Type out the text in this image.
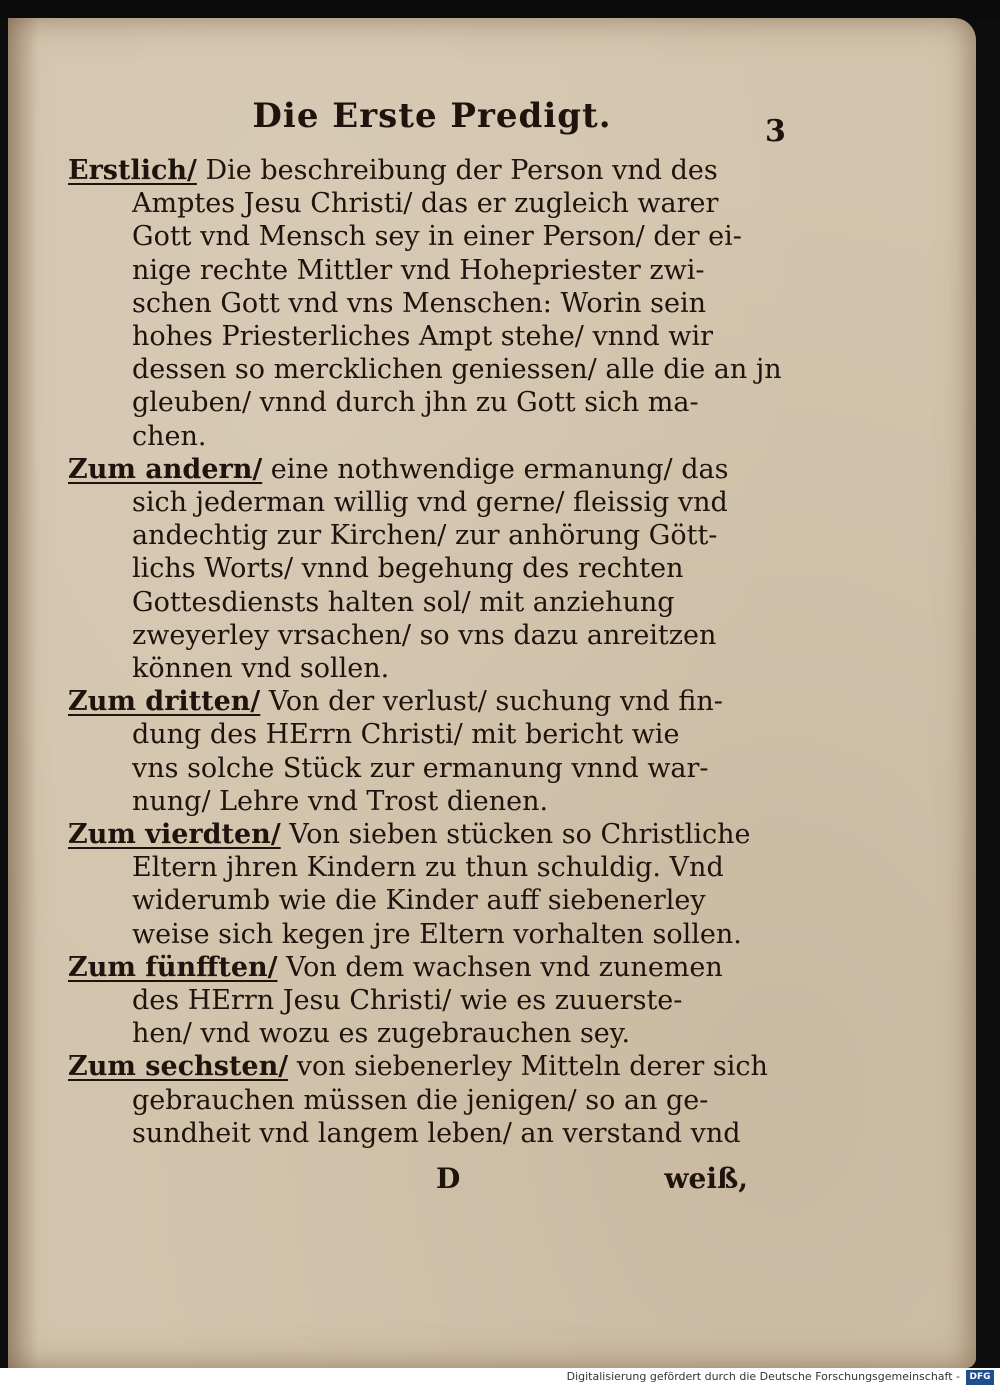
Die Erste Predigt.	3
Erstlich/ Die beschreibung der Person vnd des
Amptes Jesu Christi/ das er zugleich warer
Gott vnd Mensch sey in einer Person/ der ei-
nige rechte Mittler vnd Hohepriester zwi-
schen Gott vnd vns Menschen: Worin sein
hohes Priesterliches Ampt stehe/ vnnd wir
dessen so mercklichen geniessen/ alle die an jn
gleuben/ vnnd durch jhn zu Gott sich ma-
chen.
Zum andern/ eine nothwendige ermanung/ das
sich jederman willig vnd gerne/ fleissig vnd
andechtig zur Kirchen/ zur anhörung Gött-
lichs Worts/ vnnd begehung des rechten
Gottesdiensts halten sol/ mit anziehung
zweyerley vrsachen/ so vns dazu anreitzen
können vnd sollen.
Zum dritten/ Von der verlust/ suchung vnd fin-
dung des HErrn Christi/ mit bericht wie
vns solche Stück zur ermanung vnnd war-
nung/ Lehre vnd Trost dienen.
Zum vierdten/ Von sieben stücken so Christliche
Eltern jhren Kindern zu thun schuldig. Vnd
widerumb wie die Kinder auff siebenerley
weise sich kegen jre Eltern vorhalten sollen.
Zum fünfften/ Von dem wachsen vnd zunemen
des HErrn Jesu Christi/ wie es zuuerste-
hen/ vnd wozu es zugebrauchen sey.
Zum sechsten/ von siebenerley Mitteln derer sich
gebrauchen müssen die jenigen/ so an ge-
sundheit vnd langem leben/ an verstand vnd
D	weiß,
Digitalisierung gefördert durch die Deutsche Forschungsgemeinschaft -	DFG
